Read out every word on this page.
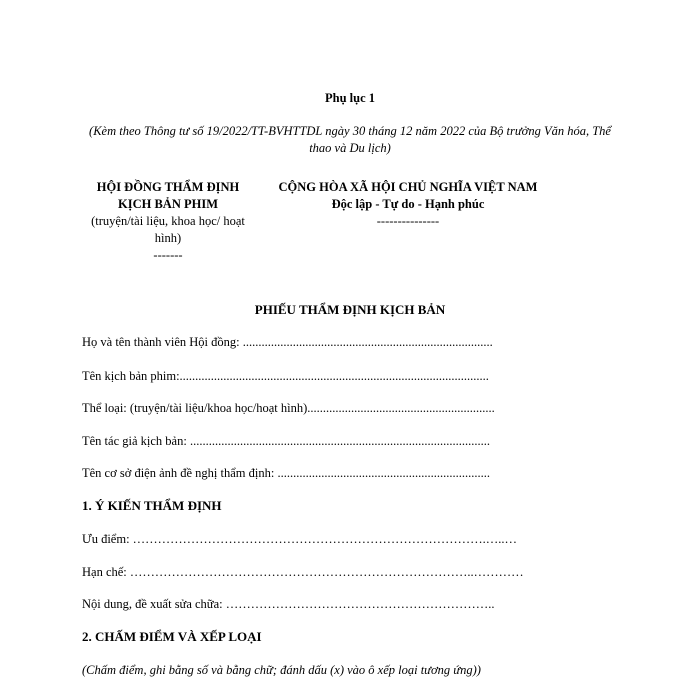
Phụ lục 1
(Kèm theo Thông tư số 19/2022/TT-BVHTTDL ngày 30 tháng 12 năm 2022 của Bộ trưởng Văn hóa, Thể thao và Du lịch)
HỘI ĐỒNG THẨM ĐỊNH
KỊCH BẢN PHIM
(truyện/tài liệu, khoa học/ hoạt hình)
-------
CỘNG HÒA XÃ HỘI CHỦ NGHĨA VIỆT NAM
Độc lập - Tự do - Hạnh phúc
---------------
PHIẾU THẨM ĐỊNH KỊCH BẢN
Họ và tên thành viên Hội đồng: ................................................................................
Tên kịch bản phim:...................................................................................................
Thể loại: (truyện/tài liệu/khoa học/hoạt hình)............................................................
Tên tác giả kịch bản: ................................................................................................
Tên cơ sở điện ảnh đề nghị thẩm định: ....................................................................
1. Ý KIẾN THẨM ĐỊNH
Ưu điểm: ………………………………………………………………………….…..…
Hạn chế: ………………………………………………………………………..…………
Nội dung, đề xuất sửa chữa: ………………………………………………………..
2. CHẤM ĐIỂM VÀ XẾP LOẠI
(Chấm điểm, ghi bằng số và bằng chữ; đánh dấu (x) vào ô xếp loại tương ứng))
